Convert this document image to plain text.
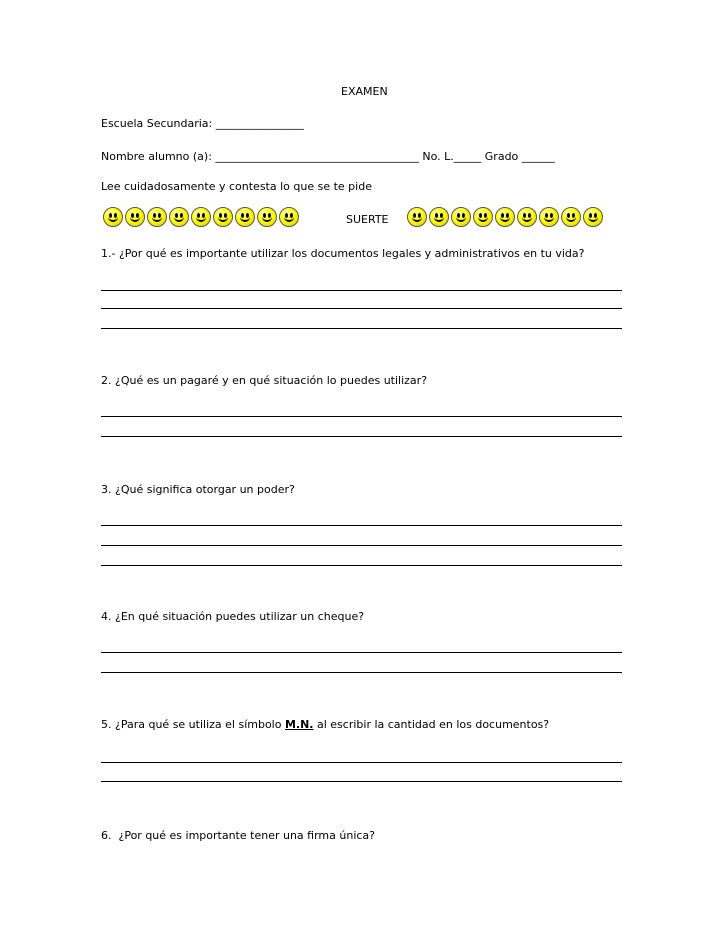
EXAMEN
Escuela Secundaria: ________________
Nombre alumno (a): _____________________________________ No. L._____ Grado ______
Lee cuidadosamente y contesta lo que se te pide
SUERTE
1.- ¿Por qué es importante utilizar los documentos legales y administrativos en tu vida?
2. ¿Qué es un pagaré y en qué situación lo puedes utilizar?
3. ¿Qué significa otorgar un poder?
4. ¿En qué situación puedes utilizar un cheque?
5. ¿Para qué se utiliza el símbolo M.N. al escribir la cantidad en los documentos?
6.  ¿Por qué es importante tener una firma única?
